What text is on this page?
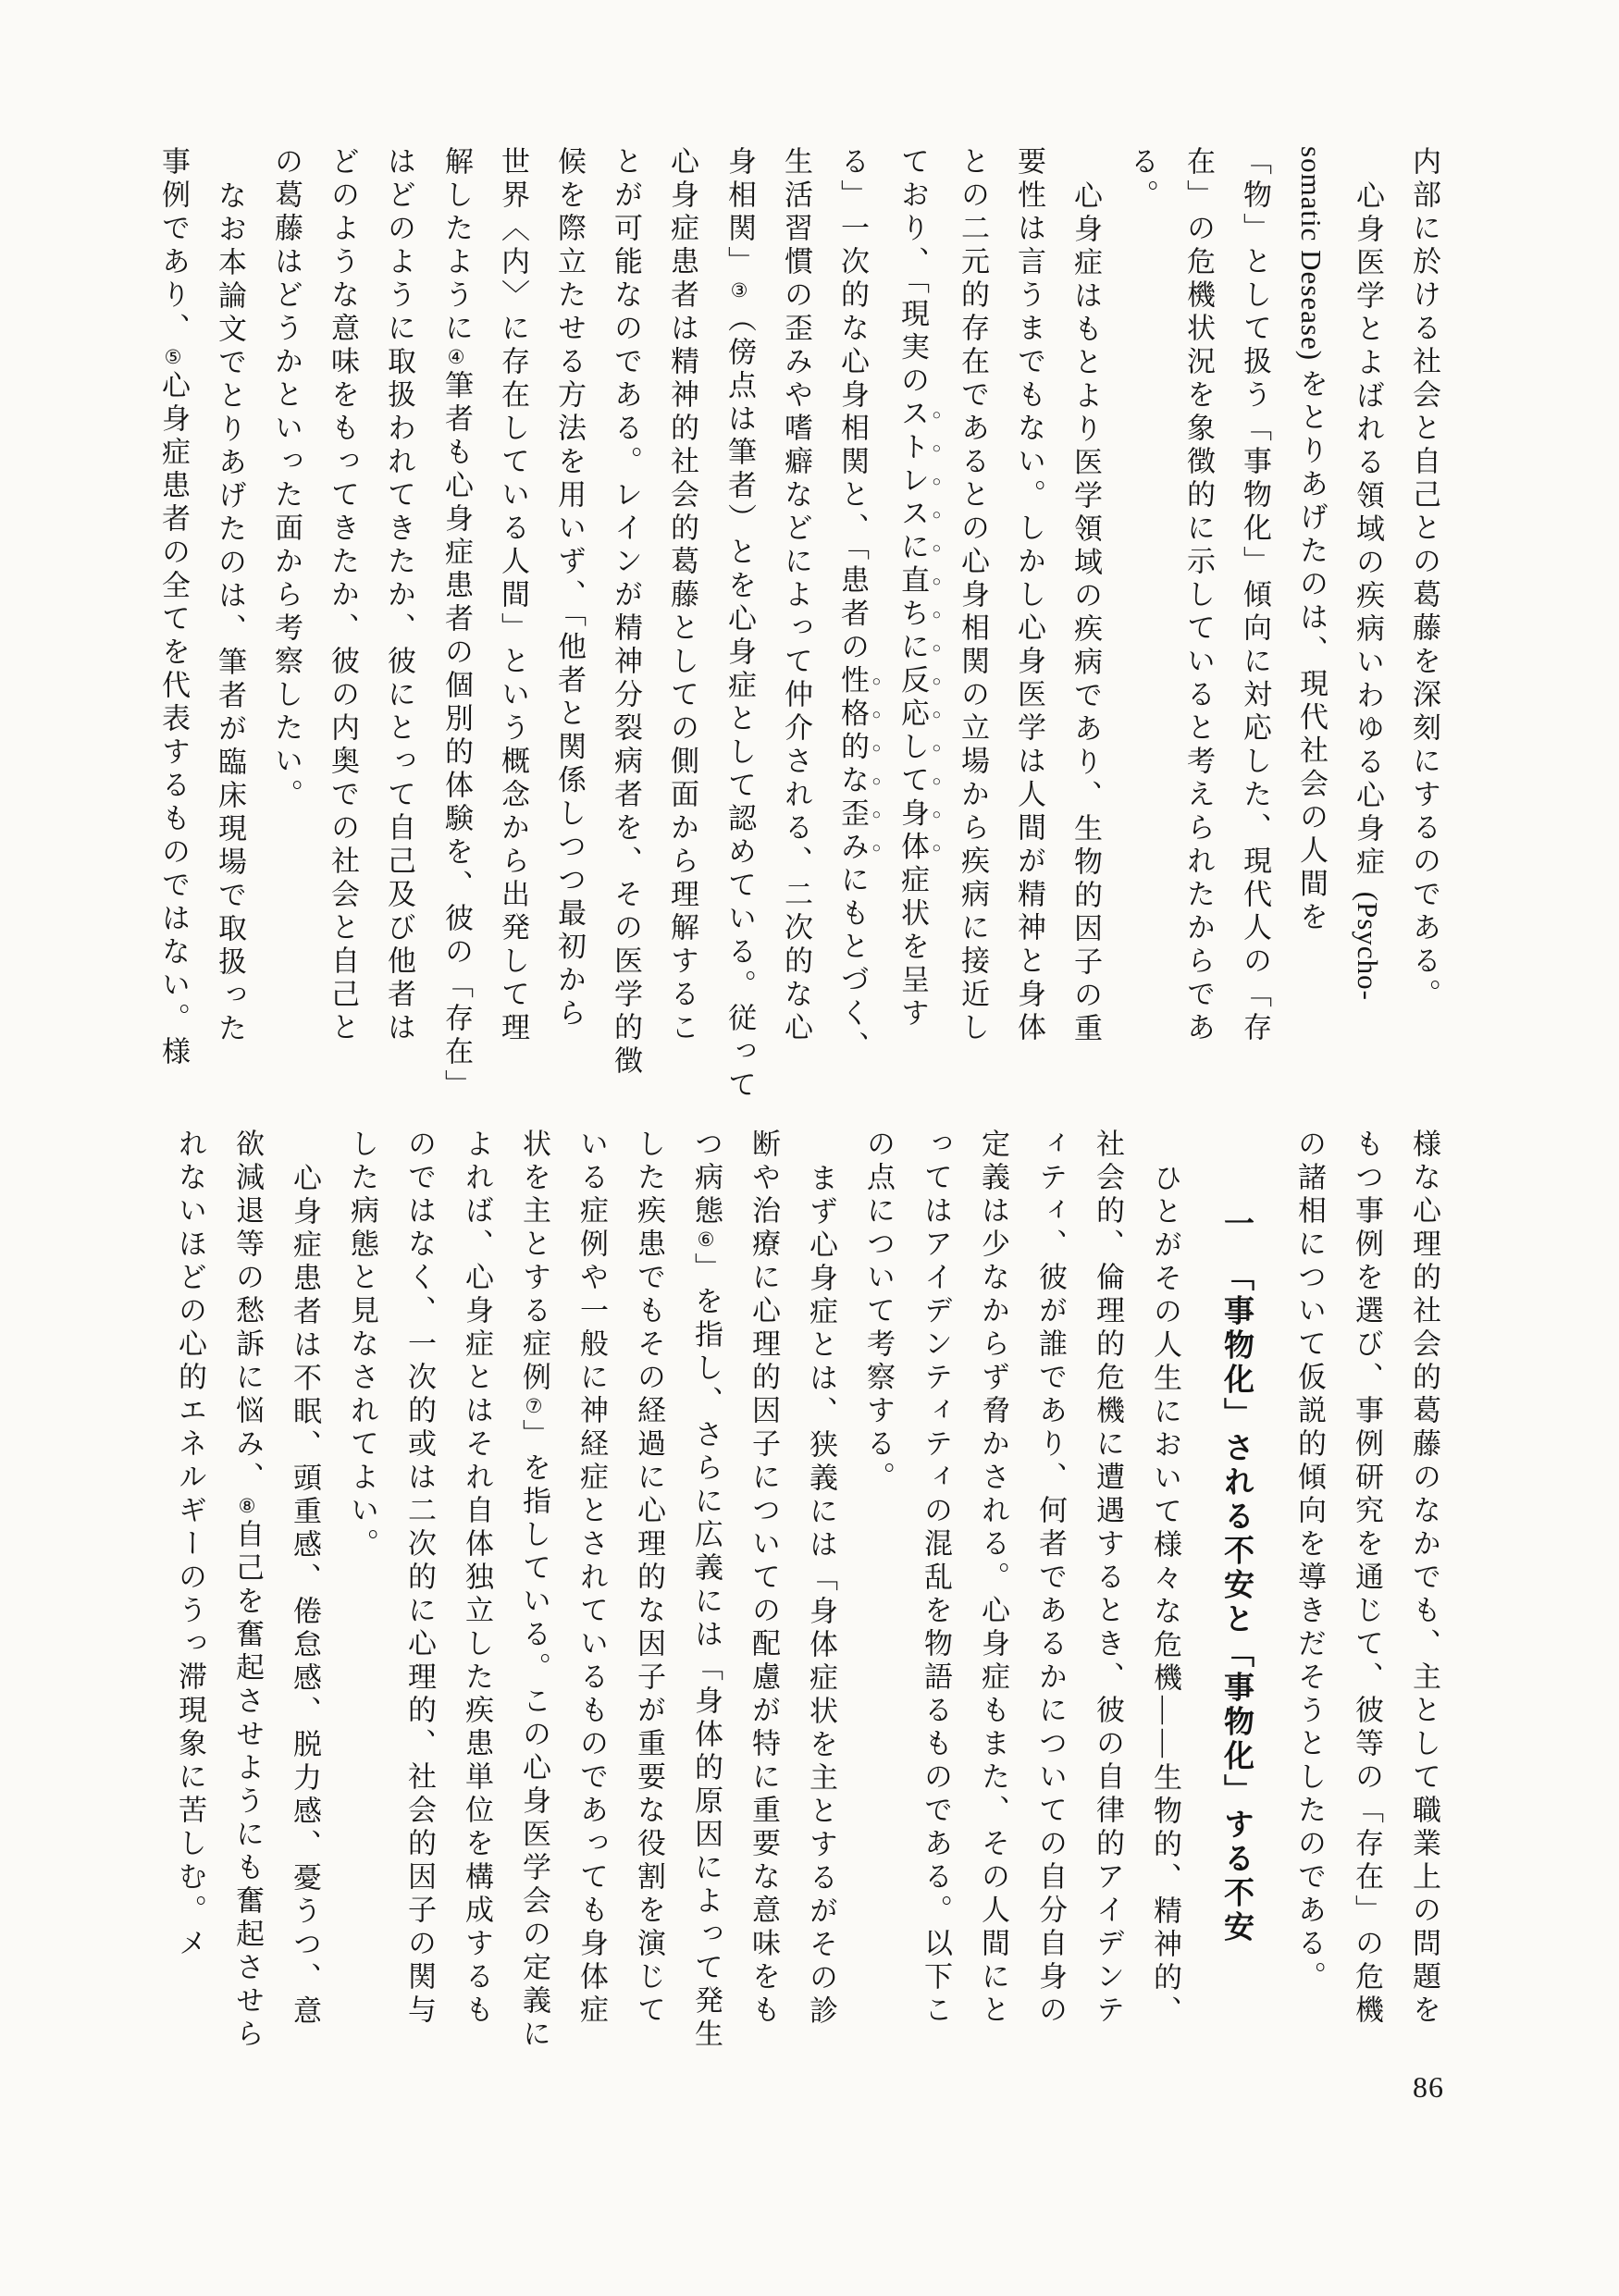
内部に於ける社会と自己との葛藤を深刻にするのである。
心身医学とよばれる領域の疾病いわゆる心身症 (Psycho-
somatic Desease) をとりあげたのは、現代社会の人間を
「物」として扱う「事物化」傾向に対応した、現代人の「存
在」の危機状況を象徴的に示していると考えられたからであ
る。
心身症はもとより医学領域の疾病であり、生物的因子の重
要性は言うまでもない。しかし心身医学は人間が精神と身体
との二元的存在であるとの心身相関の立場から疾病に接近し
ており、「現実のストレスに直ちに反応して身体症状を呈す
る」一次的な心身相関と、「患者の性格的な歪みにもとづく、
生活習慣の歪みや嗜癖などによって仲介される、二次的な心
身相関」③（傍点は筆者）とを心身症として認めている。従って
心身症患者は精神的社会的葛藤としての側面から理解するこ
とが可能なのである。レインが精神分裂病者を、その医学的徴
候を際立たせる方法を用いず、「他者と関係しつつ最初から
世界〈内〉に存在している人間」という概念から出発して理
解したように④筆者も心身症患者の個別的体験を、彼の「存在」
はどのように取扱われてきたか、彼にとって自己及び他者は
どのような意味をもってきたか、彼の内奥での社会と自己と
の葛藤はどうかといった面から考察したい。
なお本論文でとりあげたのは、筆者が臨床現場で取扱った
事例であり、⑤心身症患者の全てを代表するものではない。様
様な心理的社会的葛藤のなかでも、主として職業上の問題を
もつ事例を選び、事例研究を通じて、彼等の「存在」の危機
の諸相について仮説的傾向を導きだそうとしたのである。
一　「事物化」される不安と「事物化」する不安
ひとがその人生において様々な危機――生物的、精神的、
社会的、倫理的危機に遭遇するとき、彼の自律的アイデンテ
ィティ、彼が誰であり、何者であるかについての自分自身の
定義は少なからず脅かされる。心身症もまた、その人間にと
ってはアイデンティティの混乱を物語るものである。以下こ
の点について考察する。
まず心身症とは、狭義には「身体症状を主とするがその診
断や治療に心理的因子についての配慮が特に重要な意味をも
つ病態⑥」を指し、さらに広義には「身体的原因によって発生
した疾患でもその経過に心理的な因子が重要な役割を演じて
いる症例や一般に神経症とされているものであっても身体症
状を主とする症例⑦」を指している。この心身医学会の定義に
よれば、心身症とはそれ自体独立した疾患単位を構成するも
のではなく、一次的或は二次的に心理的、社会的因子の関与
した病態と見なされてよい。
心身症患者は不眠、頭重感、倦怠感、脱力感、憂うつ、意
欲減退等の愁訴に悩み、⑧自己を奮起させようにも奮起させら
れないほどの心的エネルギーのうっ滞現象に苦しむ。メ
86
